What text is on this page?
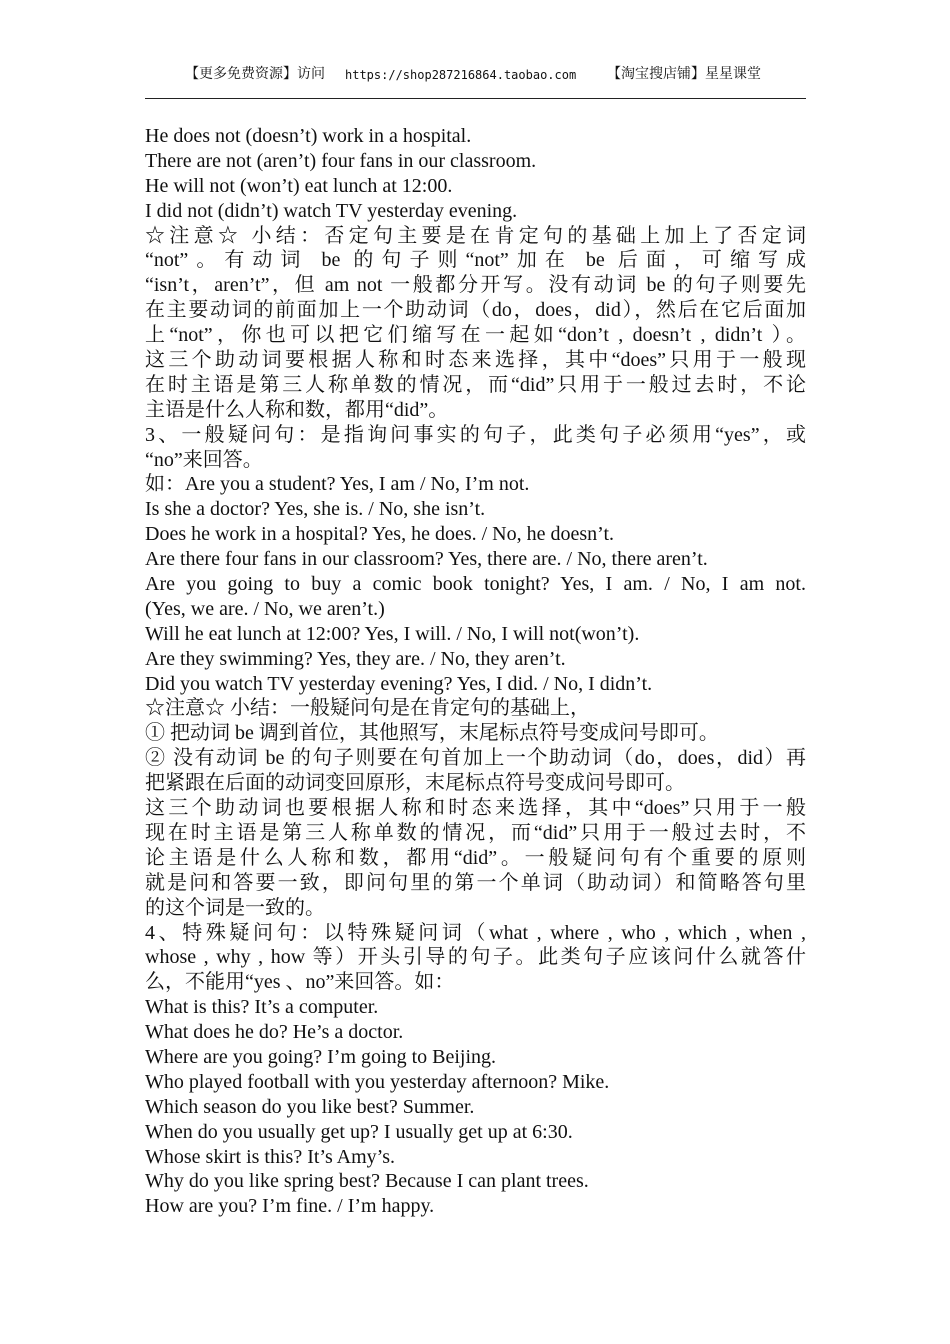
【更多免费资源】访问 https://shop287216864.taobao.com 【淘宝搜店铺】星星课堂
He does not (doesn’t) work in a hospital.
There are not (aren’t) four fans in our classroom.
He will not (won’t) eat lunch at 12:00.
I did not (didn’t) watch TV yesterday evening.
☆注意☆ 小结：否定句主要是在肯定句的基础上加上了否定词
“not”。有动词 be 的句子则“not”加在 be 后面，可缩写成
“isn’t，aren’t”，但 am not 一般都分开写。没有动词 be 的句子则要先
在主要动词的前面加上一个助动词（do，does，did），然后在它后面加
上“not”，你也可以把它们缩写在一起如“don’t , doesn’t , didn’t ）。
这三个助动词要根据人称和时态来选择，其中“does”只用于一般现
在时主语是第三人称单数的情况，而“did”只用于一般过去时，不论
主语是什么人称和数，都用“did”。
3、一般疑问句：是指询问事实的句子，此类句子必须用“yes”，或
“no”来回答。
如：Are you a student? Yes, I am / No, I’m not.
Is she a doctor? Yes, she is. / No, she isn’t.
Does he work in a hospital? Yes, he does. / No, he doesn’t.
Are there four fans in our classroom? Yes, there are. / No, there aren’t.
Are you going to buy a comic book tonight? Yes, I am. / No, I am not.
(Yes, we are. / No, we aren’t.)
Will he eat lunch at 12:00? Yes, I will. / No, I will not(won’t).
Are they swimming? Yes, they are. / No, they aren’t.
Did you watch TV yesterday evening? Yes, I did. / No, I didn’t.
☆注意☆ 小结：一般疑问句是在肯定句的基础上，
① 把动词 be 调到首位，其他照写，末尾标点符号变成问号即可。
② 没有动词 be 的句子则要在句首加上一个助动词（do，does，did）再
把紧跟在后面的动词变回原形，末尾标点符号变成问号即可。
这三个助动词也要根据人称和时态来选择，其中“does”只用于一般
现在时主语是第三人称单数的情况，而“did”只用于一般过去时，不
论主语是什么人称和数，都用“did”。一般疑问句有个重要的原则
就是问和答要一致，即问句里的第一个单词（助动词）和简略答句里
的这个词是一致的。
4、特殊疑问句：以特殊疑问词（what , where , who , which , when ,
whose , why , how 等）开头引导的句子。此类句子应该问什么就答什
么，不能用“yes 、no”来回答。如：
What is this? It’s a computer.
What does he do? He’s a doctor.
Where are you going? I’m going to Beijing.
Who played football with you yesterday afternoon? Mike.
Which season do you like best? Summer.
When do you usually get up? I usually get up at 6:30.
Whose skirt is this? It’s Amy’s.
Why do you like spring best? Because I can plant trees.
How are you? I’m fine. / I’m happy.
